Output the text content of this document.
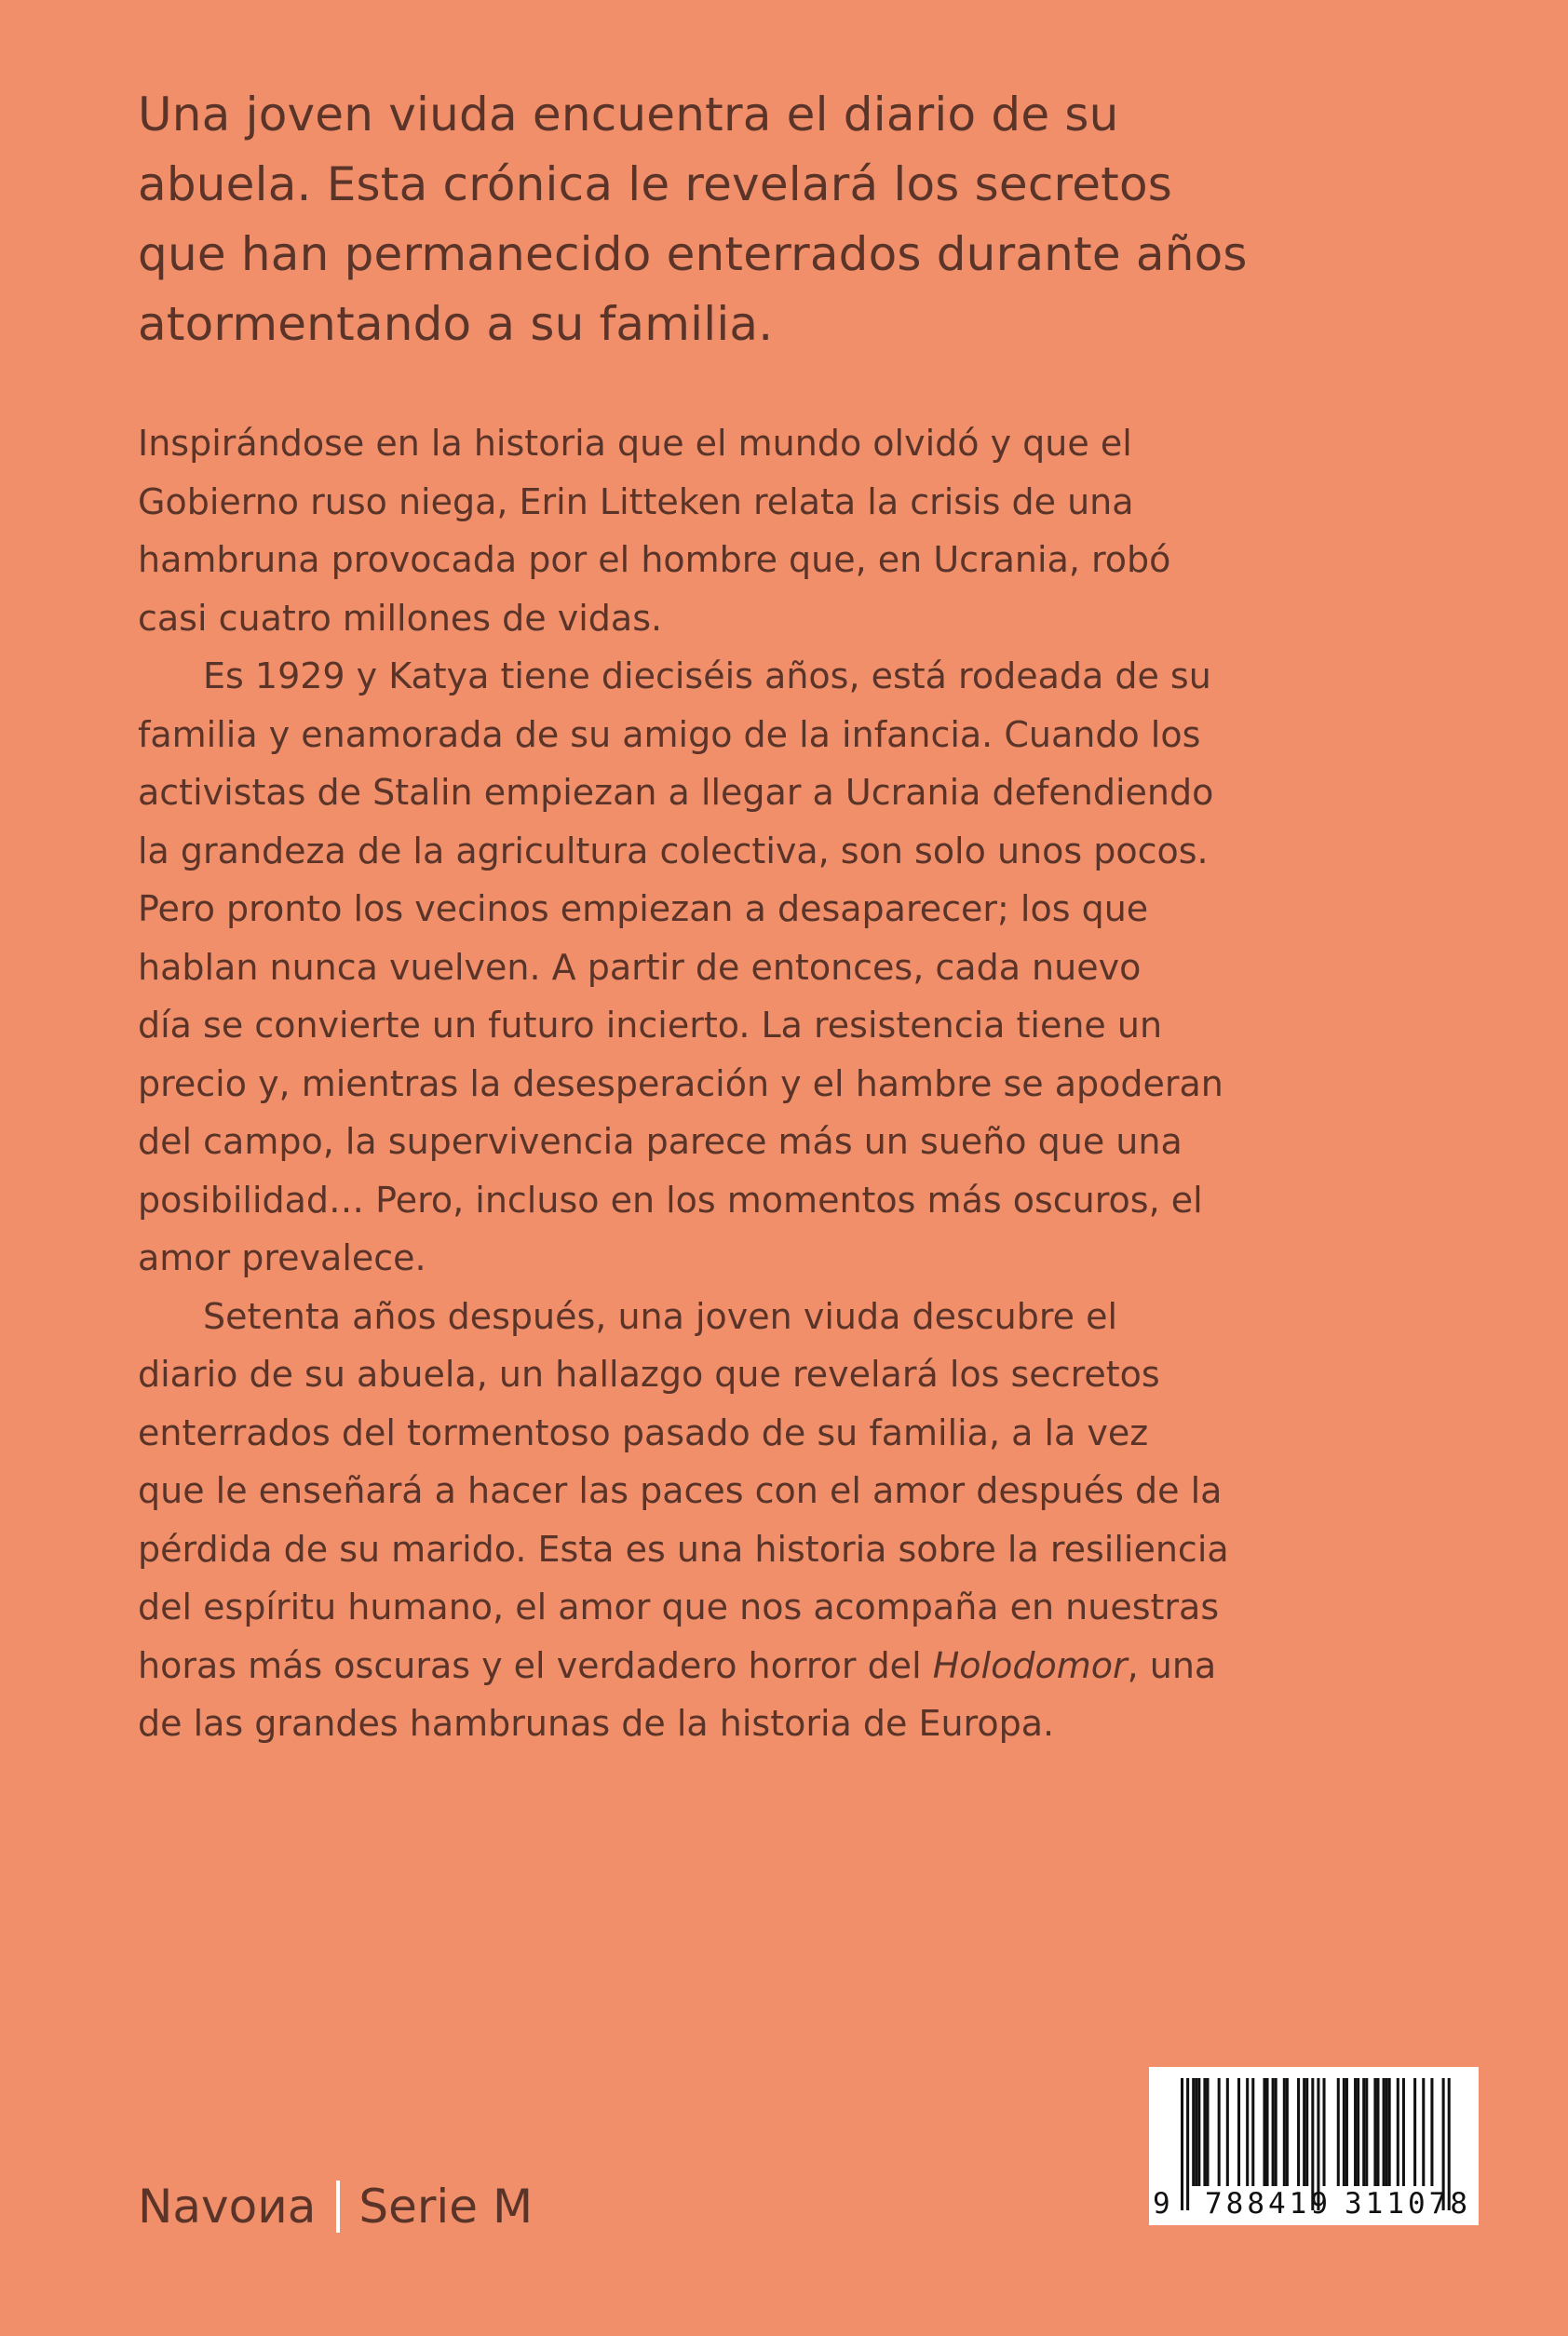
Una joven viuda encuentra el diario de su
abuela. Esta crónica le revelará los secretos
que han permanecido enterrados durante años
atormentando a su familia.
Inspirándose en la historia que el mundo olvidó y que el
Gobierno ruso niega, Erin Litteken relata la crisis de una
hambruna provocada por el hombre que, en Ucrania, robó
casi cuatro millones de vidas.
Es 1929 y Katya tiene dieciséis años, está rodeada de su
familia y enamorada de su amigo de la infancia. Cuando los
activistas de Stalin empiezan a llegar a Ucrania defendiendo
la grandeza de la agricultura colectiva, son solo unos pocos.
Pero pronto los vecinos empiezan a desaparecer; los que
hablan nunca vuelven. A partir de entonces, cada nuevo
día se convierte un futuro incierto. La resistencia tiene un
precio y, mientras la desesperación y el hambre se apoderan
del campo, la supervivencia parece más un sueño que una
posibilidad… Pero, incluso en los momentos más oscuros, el
amor prevalece.
Setenta años después, una joven viuda descubre el
diario de su abuela, un hallazgo que revelará los secretos
enterrados del tormentoso pasado de su familia, a la vez
que le enseñará a hacer las paces con el amor después de la
pérdida de su marido. Esta es una historia sobre la resiliencia
del espíritu humano, el amor que nos acompaña en nuestras
horas más oscuras y el verdadero horror del Holodomor, una
de las grandes hambrunas de la historia de Europa.
Navoиa Serie M	9 788419 311078
